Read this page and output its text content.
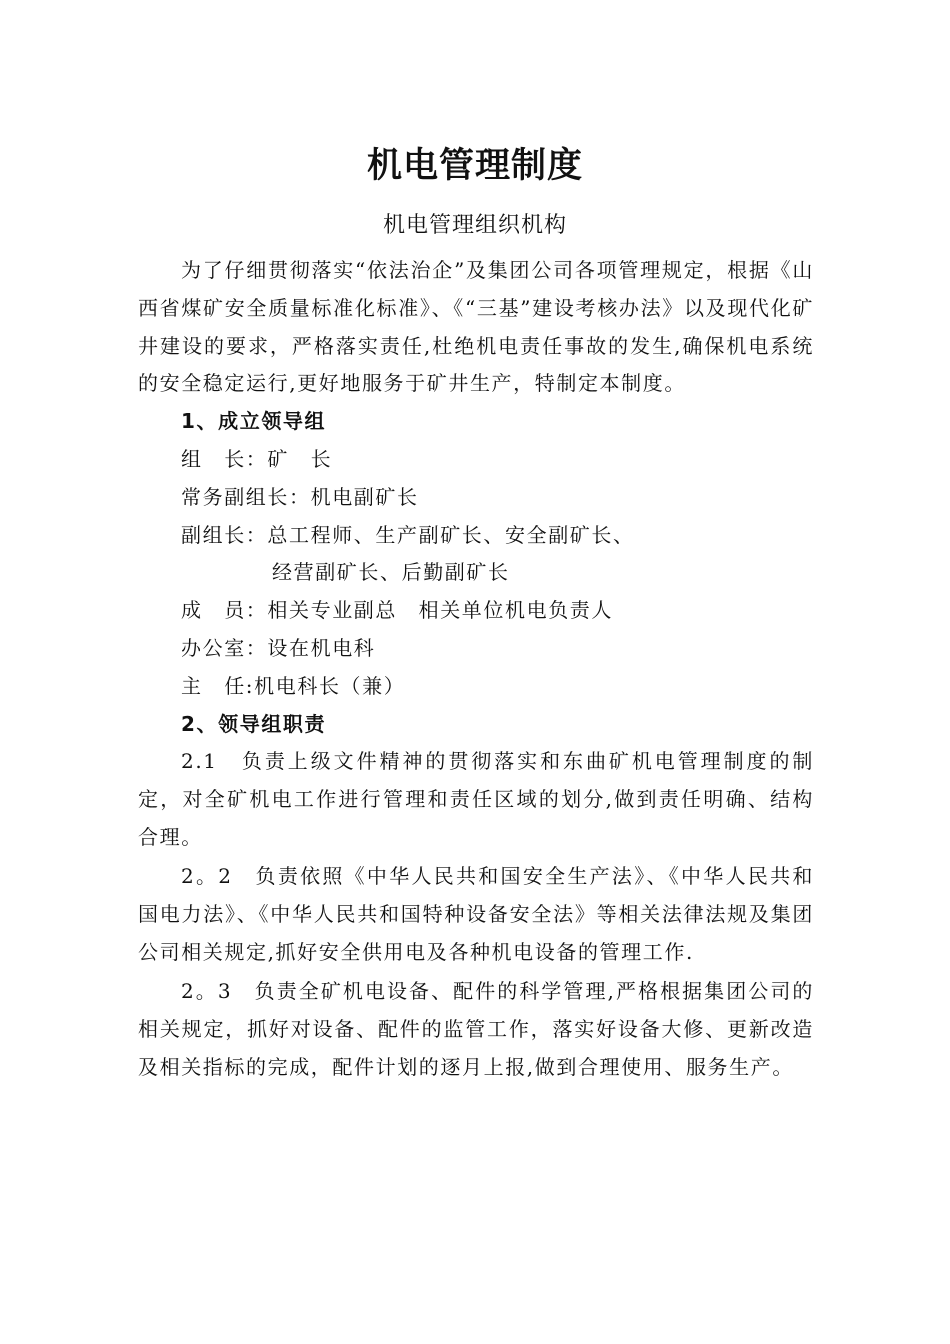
机电管理制度
机电管理组织机构

为了仔细贯彻落实“依法治企”及集团公司各项管理规定，根据《山西省煤矿安全质量标准化标准》、《“三基”建设考核办法》以及现代化矿井建设的要求，严格落实责任,杜绝机电责任事故的发生,确保机电系统的安全稳定运行,更好地服务于矿井生产，特制定本制度。

1、成立领导组

组　长：矿　长

常务副组长：机电副矿长

副组长：总工程师、生产副矿长、安全副矿长、

经营副矿长、后勤副矿长

成　员：相关专业副总　相关单位机电负责人

办公室：设在机电科

主　任:机电科长（兼）

2、领导组职责

2.1　负责上级文件精神的贯彻落实和东曲矿机电管理制度的制定，对全矿机电工作进行管理和责任区域的划分,做到责任明确、结构合理。

2。2　负责依照《中华人民共和国安全生产法》、《中华人民共和国电力法》、《中华人民共和国特种设备安全法》等相关法律法规及集团公司相关规定,抓好安全供用电及各种机电设备的管理工作.

2。3　负责全矿机电设备、配件的科学管理,严格根据集团公司的相关规定，抓好对设备、配件的监管工作，落实好设备大修、更新改造及相关指标的完成，配件计划的逐月上报,做到合理使用、服务生产。
